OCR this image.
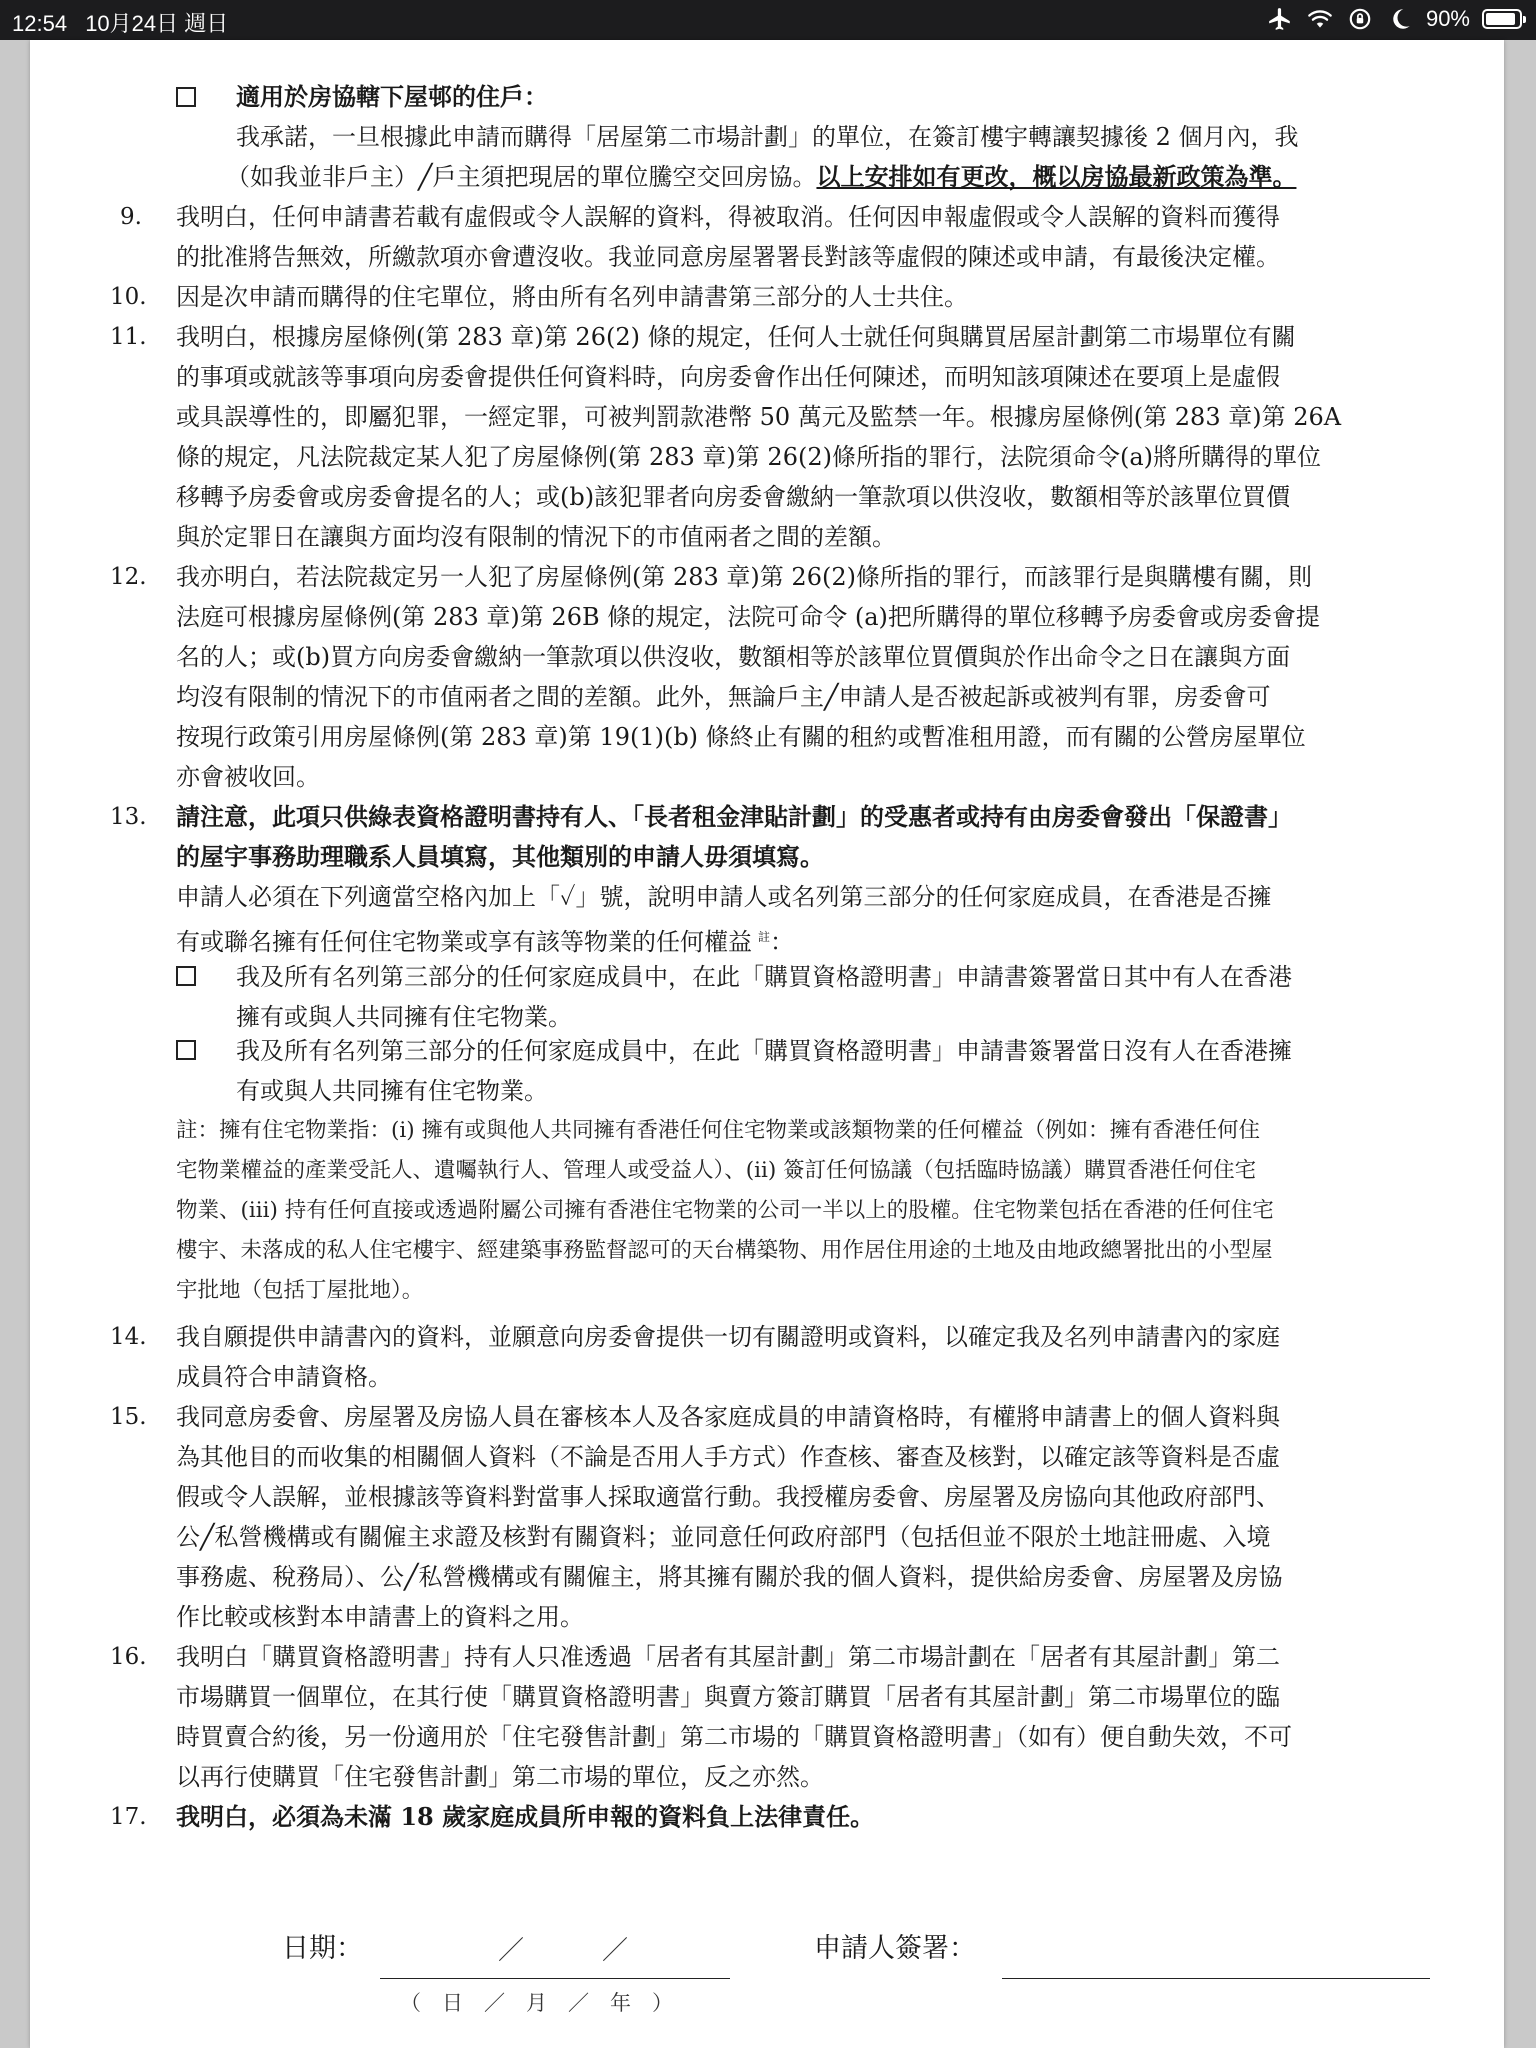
12:54 10月24日 週日	90%
適用於房協轄下屋邨的住戶：
我承諾，一旦根據此申請而購得「居屋第二市場計劃」的單位，在簽訂樓宇轉讓契據後 2 個月內，我
（如我並非戶主）╱戶主須把現居的單位騰空交回房協。以上安排如有更改，概以房協最新政策為準。
9. 我明白，任何申請書若載有虛假或令人誤解的資料，得被取消。任何因申報虛假或令人誤解的資料而獲得
的批准將告無效，所繳款項亦會遭沒收。我並同意房屋署署長對該等虛假的陳述或申請，有最後決定權。
10. 因是次申請而購得的住宅單位，將由所有名列申請書第三部分的人士共住。
11. 我明白，根據房屋條例(第 283 章)第 26(2) 條的規定，任何人士就任何與購買居屋計劃第二市場單位有關
的事項或就該等事項向房委會提供任何資料時，向房委會作出任何陳述，而明知該項陳述在要項上是虛假
或具誤導性的，即屬犯罪，一經定罪，可被判罰款港幣 50 萬元及監禁一年。根據房屋條例(第 283 章)第 26A
條的規定，凡法院裁定某人犯了房屋條例(第 283 章)第 26(2)條所指的罪行，法院須命令(a)將所購得的單位
移轉予房委會或房委會提名的人；或(b)該犯罪者向房委會繳納一筆款項以供沒收，數額相等於該單位買價
與於定罪日在讓與方面均沒有限制的情況下的市值兩者之間的差額。
12. 我亦明白，若法院裁定另一人犯了房屋條例(第 283 章)第 26(2)條所指的罪行，而該罪行是與購樓有關，則
法庭可根據房屋條例(第 283 章)第 26B 條的規定，法院可命令 (a)把所購得的單位移轉予房委會或房委會提
名的人；或(b)買方向房委會繳納一筆款項以供沒收，數額相等於該單位買價與於作出命令之日在讓與方面
均沒有限制的情況下的市值兩者之間的差額。此外，無論戶主╱申請人是否被起訴或被判有罪，房委會可
按現行政策引用房屋條例(第 283 章)第 19(1)(b) 條終止有關的租約或暫准租用證，而有關的公營房屋單位
亦會被收回。
13. 請注意，此項只供綠表資格證明書持有人、「長者租金津貼計劃」的受惠者或持有由房委會發出「保證書」
的屋宇事務助理職系人員填寫，其他類別的申請人毋須填寫。
申請人必須在下列適當空格內加上「✓」號，說明申請人或名列第三部分的任何家庭成員，在香港是否擁
有或聯名擁有任何住宅物業或享有該等物業的任何權益 $^註$：
我及所有名列第三部分的任何家庭成員中，在此「購買資格證明書」申請書簽署當日其中有人在香港
擁有或與人共同擁有住宅物業。
我及所有名列第三部分的任何家庭成員中，在此「購買資格證明書」申請書簽署當日沒有人在香港擁
有或與人共同擁有住宅物業。
註：擁有住宅物業指：(i) 擁有或與他人共同擁有香港任何住宅物業或該類物業的任何權益（例如：擁有香港任何住
宅物業權益的產業受託人、遺囑執行人、管理人或受益人）、(ii) 簽訂任何協議（包括臨時協議）購買香港任何住宅
物業、(iii) 持有任何直接或透過附屬公司擁有香港住宅物業的公司一半以上的股權。住宅物業包括在香港的任何住宅
樓宇、未落成的私人住宅樓宇、經建築事務監督認可的天台構築物、用作居住用途的土地及由地政總署批出的小型屋
宇批地（包括丁屋批地）。
14. 我自願提供申請書內的資料，並願意向房委會提供一切有關證明或資料，以確定我及名列申請書內的家庭
成員符合申請資格。
15. 我同意房委會、房屋署及房協人員在審核本人及各家庭成員的申請資格時，有權將申請書上的個人資料與
為其他目的而收集的相關個人資料（不論是否用人手方式）作查核、審查及核對，以確定該等資料是否虛
假或令人誤解，並根據該等資料對當事人採取適當行動。我授權房委會、房屋署及房協向其他政府部門、
公╱私營機構或有關僱主求證及核對有關資料；並同意任何政府部門（包括但並不限於土地註冊處、入境
事務處、稅務局）、公╱私營機構或有關僱主，將其擁有關於我的個人資料，提供給房委會、房屋署及房協
作比較或核對本申請書上的資料之用。
16. 我明白「購買資格證明書」持有人只准透過「居者有其屋計劃」第二市場計劃在「居者有其屋計劃」第二
市場購買一個單位，在其行使「購買資格證明書」與賣方簽訂購買「居者有其屋計劃」第二市場單位的臨
時買賣合約後，另一份適用於「住宅發售計劃」第二市場的「購買資格證明書」（如有）便自動失效，不可
以再行使購買「住宅發售計劃」第二市場的單位，反之亦然。
17. 我明白，必須為未滿 18 歲家庭成員所申報的資料負上法律責任。
日期：	／　　　／
（　日　／　月　／　年　）
申請人簽署：
